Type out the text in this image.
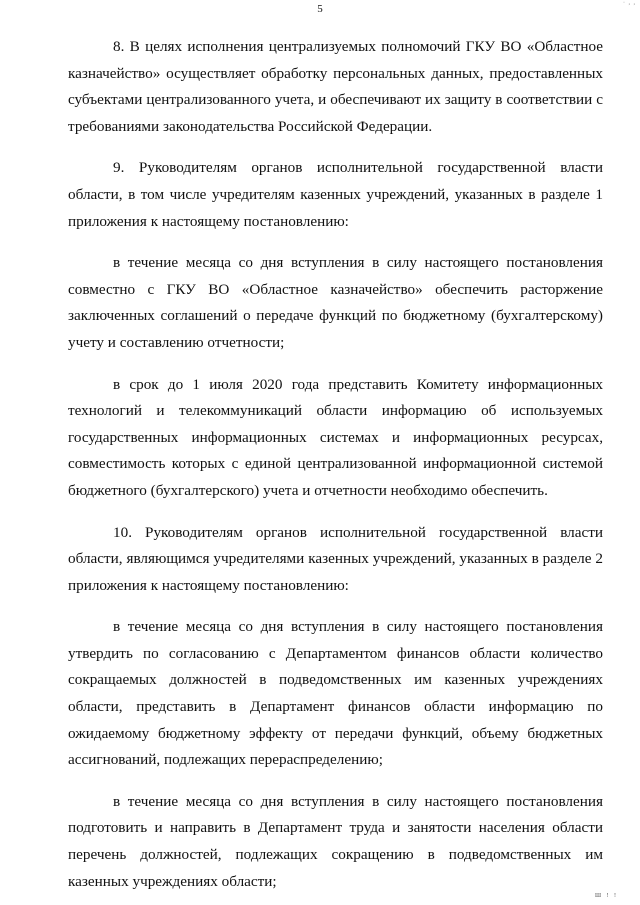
· , ,
5

8. В целях исполнения централизуемых полномочий ГКУ ВО «Областное казначейство» осуществляет обработку персональных данных, предоставленных субъектами централизованного учета, и обеспечивают их защиту в соответствии с требованиями законодательства Российской Федерации.

9. Руководителям органов исполнительной государственной власти области, в том числе учредителям казенных учреждений, указанных в разделе 1 приложения к настоящему постановлению:

в течение месяца со дня вступления в силу настоящего постановления совместно с ГКУ ВО «Областное казначейство» обеспечить расторжение заключенных соглашений о передаче функций по бюджетному (бухгалтерскому) учету и составлению отчетности;

в срок до 1 июля 2020 года представить Комитету информационных технологий и телекоммуникаций области информацию об используемых государственных информационных системах и информационных ресурсах, совместимость которых с единой централизованной информационной системой бюджетного (бухгалтерского) учета и отчетности необходимо обеспечить.

10. Руководителям органов исполнительной государственной власти области, являющимся учредителями казенных учреждений, указанных в разделе 2 приложения к настоящему постановлению:

в течение месяца со дня вступления в силу настоящего постановления утвердить по согласованию с Департаментом финансов области количество сокращаемых должностей в подведомственных им казенных учреждениях области, представить в Департамент финансов области информацию по ожидаемому бюджетному эффекту от передачи функций, объему бюджетных ассигнований, подлежащих перераспределению;

в течение месяца со дня вступления в силу настоящего постановления подготовить и направить в Департамент труда и занятости населения области перечень должностей, подлежащих сокращению в подведомственных им казенных учреждениях области;

Ш ! !
